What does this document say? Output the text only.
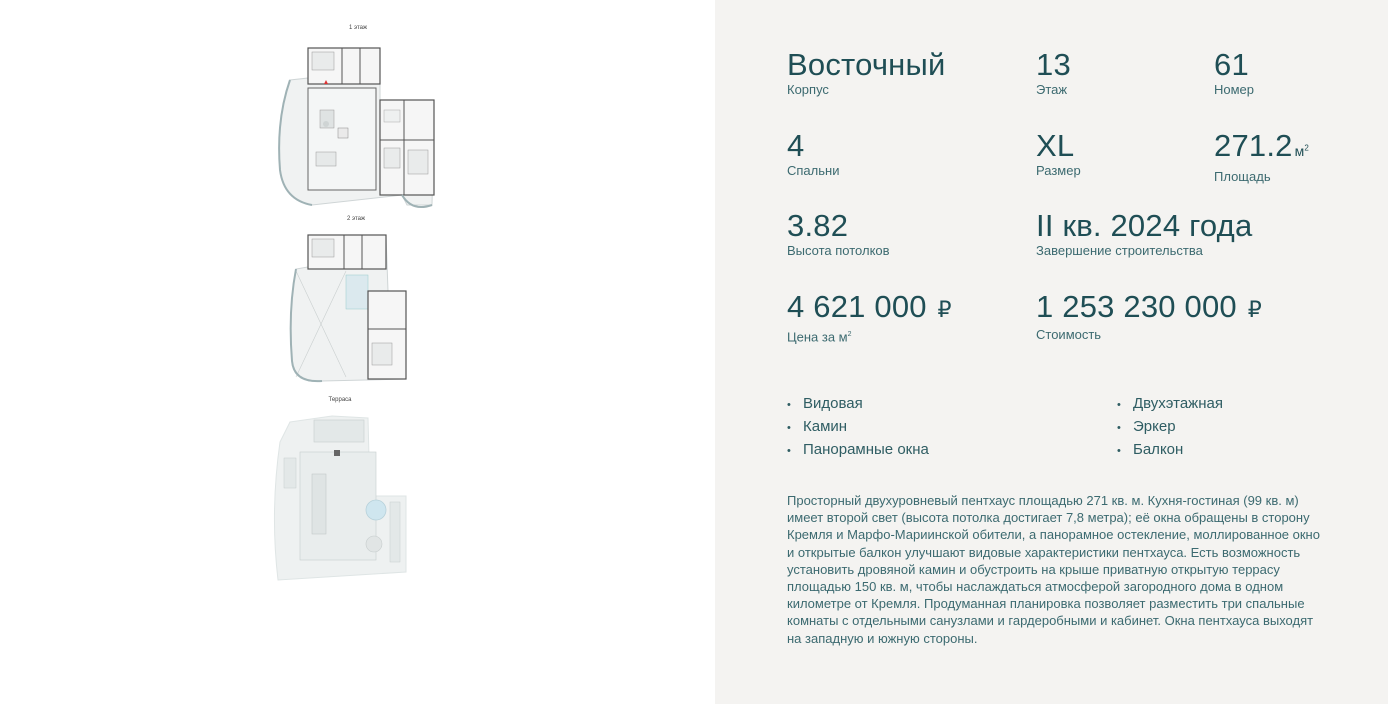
1 этаж
2 этаж
Терраса
Восточный
Корпус
13
Этаж
61
Номер
4
Спальни
XL
Размер
271.2 $м^2$
Площадь
3.82
Высота потолков
II кв. 2024 года
Завершение строительства
4 621 000 ₽
Цена за $м^2$
1 253 230 000 ₽
Стоимость
• Видовая
• Камин
• Панорамные окна
• Двухэтажная
• Эркер
• Балкон
Просторный двухуровневый пентхаус площадью 271 кв. м. Кухня-гостиная (99 кв. м) имеет второй свет (высота потолка достигает 7,8 метра); её окна обращены в сторону Кремля и Марфо-Мариинской обители, а панорамное остекление, моллированное окно и открытые балкон улучшают видовые характеристики пентхауса. Есть возможность установить дровяной камин и обустроить на крыше приватную открытую террасу площадью 150 кв. м, чтобы наслаждаться атмосферой загородного дома в одном километре от Кремля. Продуманная планировка позволяет разместить три спальные комнаты с отдельными санузлами и гардеробными и кабинет. Окна пентхауса выходят на западную и южную стороны.
